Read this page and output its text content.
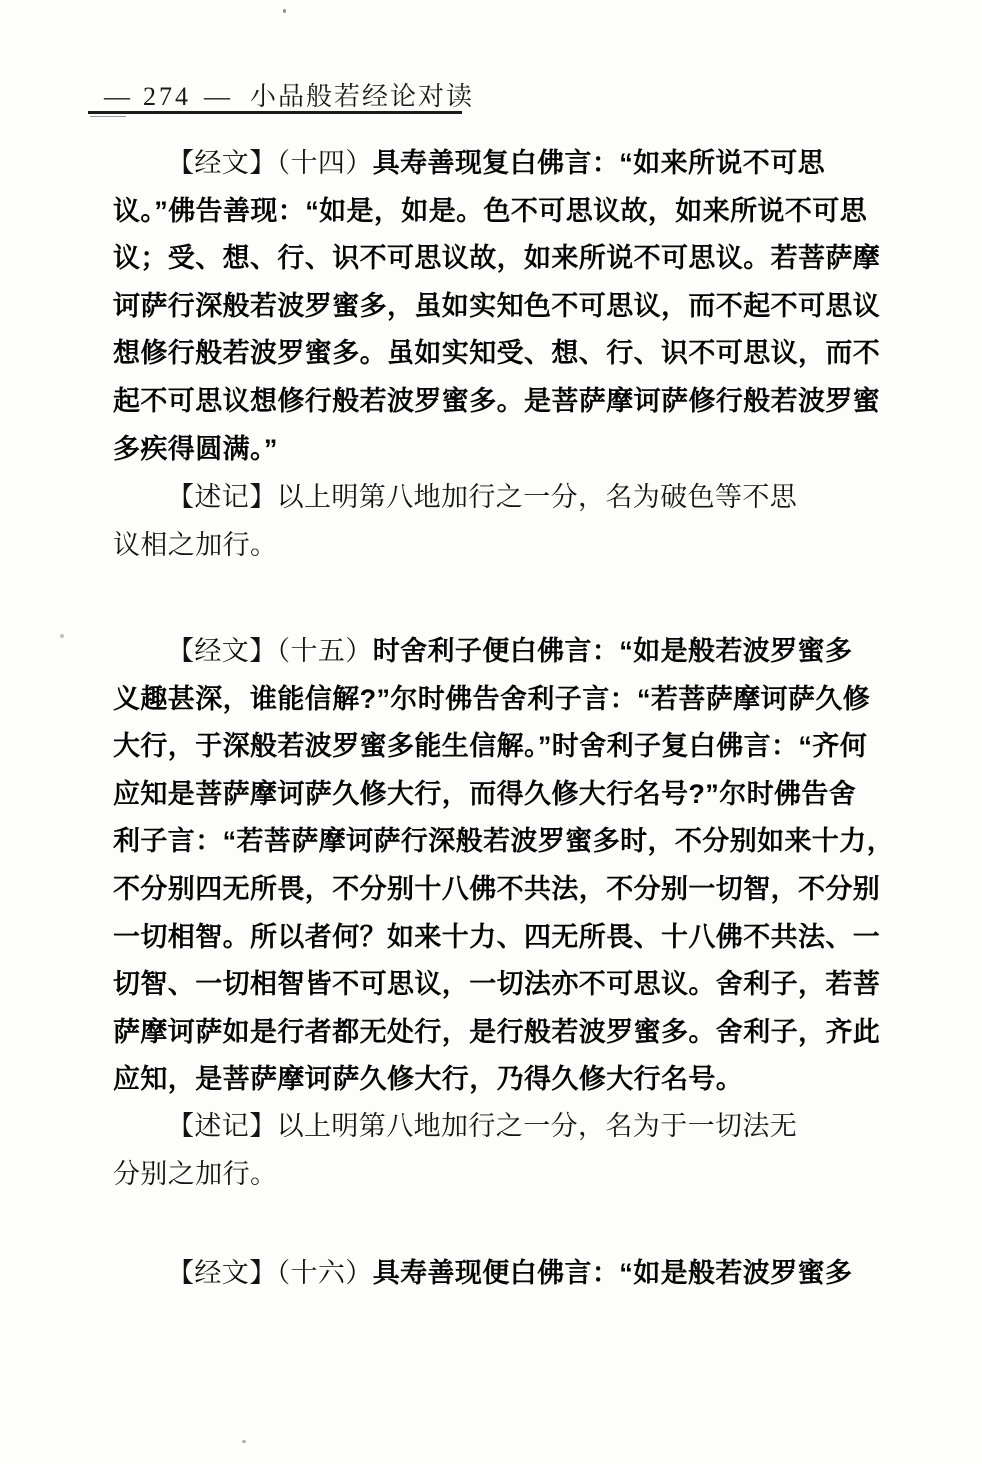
— 274 — 小品般若经论对读
【经文】（十四）具寿善现复白佛言：“如来所说不可思
议。”佛告善现：“如是，如是。色不可思议故，如来所说不可思
议；受、想、行、识不可思议故，如来所说不可思议。若菩萨摩
诃萨行深般若波罗蜜多，虽如实知色不可思议，而不起不可思议
想修行般若波罗蜜多。虽如实知受、想、行、识不可思议，而不
起不可思议想修行般若波罗蜜多。是菩萨摩诃萨修行般若波罗蜜
多疾得圆满。”
【述记】以上明第八地加行之一分，名为破色等不思
议相之加行。
【经文】（十五）时舍利子便白佛言：“如是般若波罗蜜多
义趣甚深，谁能信解?”尔时佛告舍利子言：“若菩萨摩诃萨久修
大行，于深般若波罗蜜多能生信解。”时舍利子复白佛言：“齐何
应知是菩萨摩诃萨久修大行，而得久修大行名号?”尔时佛告舍
利子言：“若菩萨摩诃萨行深般若波罗蜜多时，不分别如来十力，
不分别四无所畏，不分别十八佛不共法，不分别一切智，不分别
一切相智。所以者何？如来十力、四无所畏、十八佛不共法、一
切智、一切相智皆不可思议，一切法亦不可思议。舍利子，若菩
萨摩诃萨如是行者都无处行，是行般若波罗蜜多。舍利子，齐此
应知，是菩萨摩诃萨久修大行，乃得久修大行名号。
【述记】以上明第八地加行之一分，名为于一切法无
分别之加行。
【经文】（十六）具寿善现便白佛言：“如是般若波罗蜜多
